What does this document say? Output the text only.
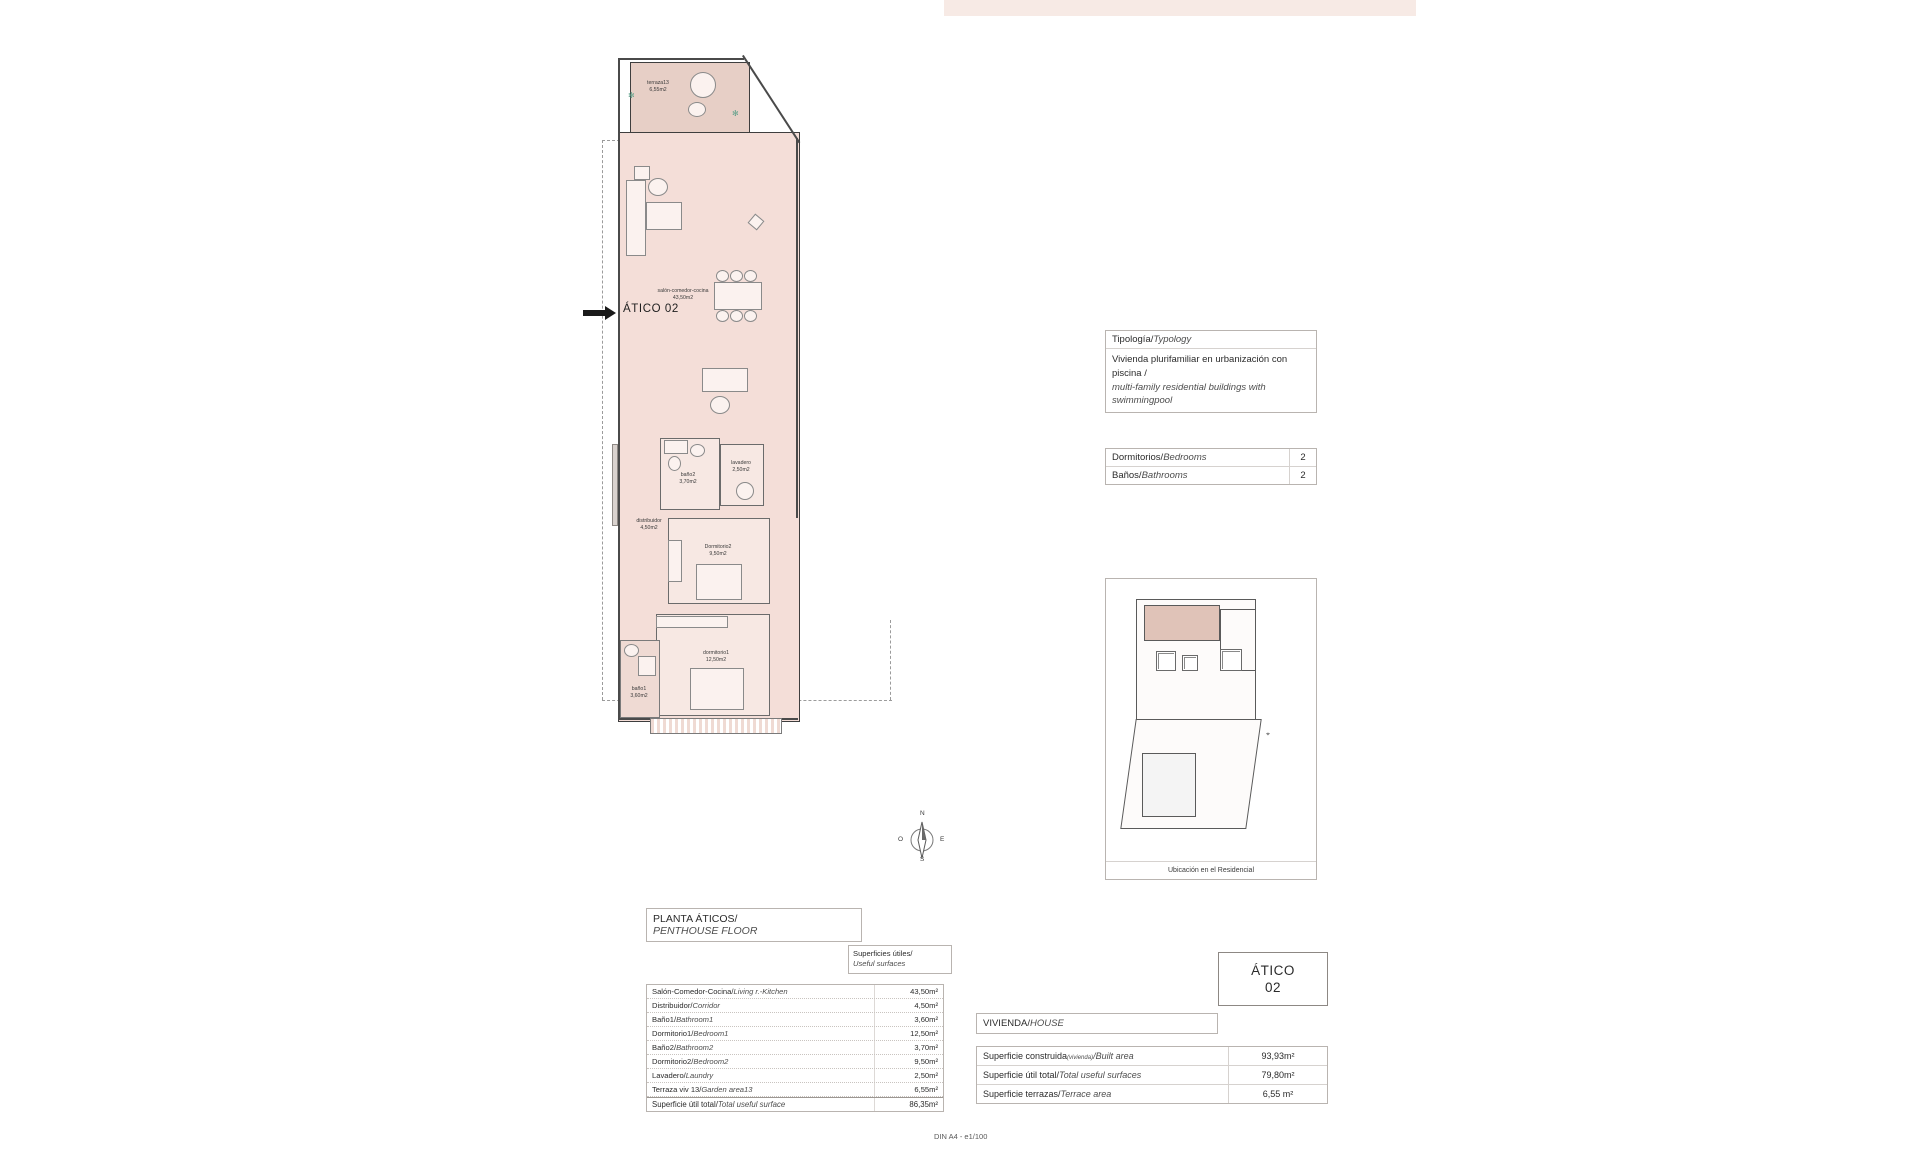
terraza13
6,55m2
✻
✻
salón-comedor-cocina
43,50m2
baño2
3,70m2
lavadero
2,50m2
distribuidor
4,50m2
Dormitorio2
9,50m2
dormitorio1
12,50m2
baño1
3,60m2
ÁTICO 02
N
S
E
O
Tipología/Typology
Vivienda plurifamiliar en urbanización con piscina /
multi-family residential buildings with swimmingpool
Dormitorios/Bedrooms	2
Baños/Bathrooms	2
⌖
Ubicación en el Residencial
ÁTICO
02
PLANTA ÁTICOS/
PENTHOUSE FLOOR
Superficies útiles/
Useful surfaces
Salón-Comedor-Cocina/Living r.-Kitchen	43,50m²
Distribuidor/Corridor	4,50m²
Baño1/Bathroom1	3,60m²
Dormitorio1/Bedroom1	12,50m²
Baño2/Bathroom2	3,70m²
Dormitorio2/Bedroom2	9,50m²
Lavadero/Laundry	2,50m²
Terraza viv 13/Garden area13	6,55m²
Superficie útil total/Total useful surface	86,35m²
VIVIENDA/HOUSE
Superficie construida(vivienda)/Built area	93,93m²
Superficie útil total/Total useful surfaces	79,80m²
Superficie terrazas/Terrace area	6,55 m²
DIN A4 - e1/100
